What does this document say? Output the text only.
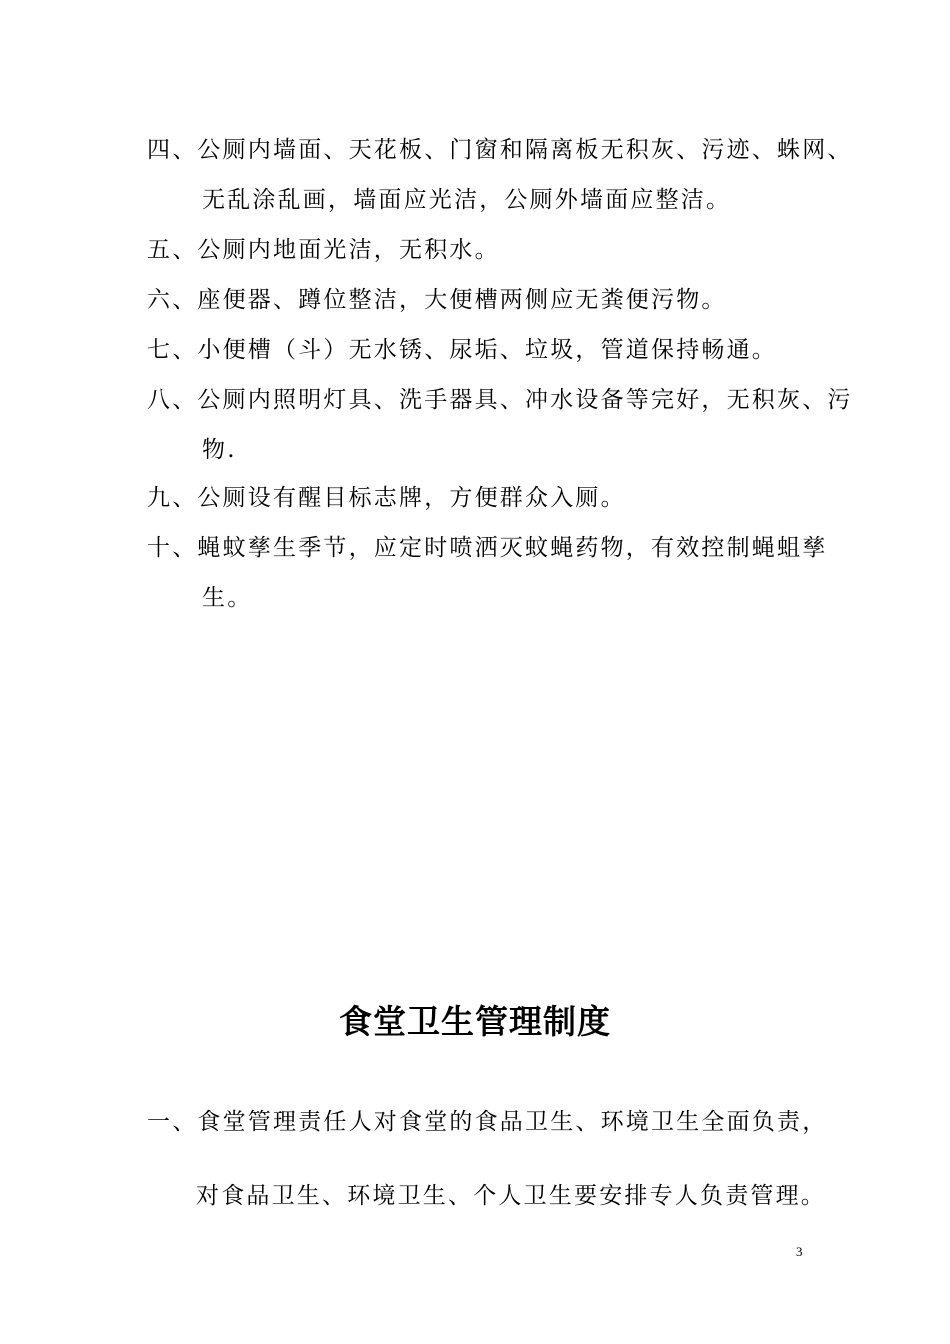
四、公厕内墙面、天花板、门窗和隔离板无积灰、污迹、蛛网、
无乱涂乱画，墙面应光洁，公厕外墙面应整洁。
五、公厕内地面光洁，无积水。
六、座便器、蹲位整洁，大便槽两侧应无粪便污物。
七、小便槽（斗）无水锈、尿垢、垃圾，管道保持畅通。
八、公厕内照明灯具、洗手器具、冲水设备等完好，无积灰、污
物.
九、公厕设有醒目标志牌，方便群众入厕。
十、蝇蚊孳生季节，应定时喷洒灭蚊蝇药物，有效控制蝇蛆孳
生。
食堂卫生管理制度
一、食堂管理责任人对食堂的食品卫生、环境卫生全面负责，
对食品卫生、环境卫生、个人卫生要安排专人负责管理。
3
